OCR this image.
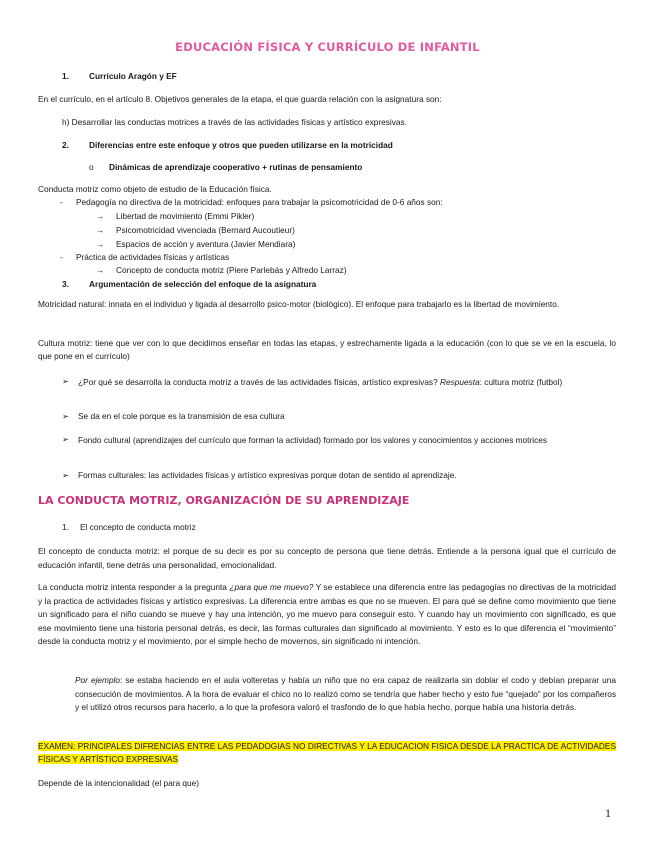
EDUCACIÓN FÍSICA Y CURRÍCULO DE INFANTIL
1. Currículo Aragón y EF
En el currículo, en el artículo 8. Objetivos generales de la etapa, el que guarda relación con la asignatura son:
h) Desarrollar las conductas motrices a través de las actividades físicas y artístico expresivas.
2. Diferencias entre este enfoque y otros que pueden utilizarse en la motricidad
o Dinámicas de aprendizaje cooperativo + rutinas de pensamiento
Conducta motriz como objeto de estudio de la Educación física.
- Pedagogía no directiva de la motricidad: enfoques para trabajar la psicomotricidad de 0-6 años son:
→ Libertad de movimiento (Emmi Pikler)
→ Psicomotricidad vivenciada (Bernard Aucoutieur)
→ Espacios de acción y aventura (Javier Mendiara)
- Práctica de actividades físicas y artísticas
→ Concepto de conducta motriz (Piere Parlebás y Alfredo Larraz)
3. Argumentación de selección del enfoque de la asignatura
Motricidad natural: innata en el individuo y ligada al desarrollo psico-motor (biológico). El enfoque para trabajarlo es la libertad de movimiento.
Cultura motriz: tiene que ver con lo que decidimos enseñar en todas las etapas, y estrechamente ligada a la educación (con lo que se ve en la escuela, lo que pone en el currículo)
➢ ¿Por qué se desarrolla la conducta motriz a través de las actividades físicas, artístico expresivas? Respuesta: cultura motriz (futbol)
➢ Se da en el cole porque es la transmisión de esa cultura
➢ Fondo cultural (aprendizajes del currículo que forman la actividad) formado por los valores y conocimientos y acciones motrices
➢ Formas culturales: las actividades físicas y artístico expresivas porque dotan de sentido al aprendizaje.
LA CONDUCTA MOTRIZ, ORGANIZACIÓN DE SU APRENDIZAJE
1. El concepto de conducta motriz
El concepto de conducta motriz: el porque de su decir es por su concepto de persona que tiene detrás. Entiende a la persona igual que el currículo de educación infantil, tiene detrás una personalidad, emocionalidad.
La conducta motriz intenta responder a la pregunta ¿para que me muevo? Y se establece una diferencia entre las pedagogías no directivas de la motricidad y la practica de actividades físicas y artístico expresivas. La diferencia entre ambas es que no se mueven. El para qué se define como movimiento que tiene un significado para el niño cuando se mueve y hay una intención, yo me muevo para conseguir esto. Y cuando hay un movimiento con significado, es que ese movimiento tiene una historia personal detrás, es decir, las formas culturales dan significado al movimiento. Y esto es lo que diferencia el “movimiento” desde la conducta motriz y el movimiento, por el simple hecho de movernos, sin significado ni intención.
Por ejemplo: se estaba haciendo en el aula volteretas y había un niño que no era capaz de realizarla sin doblar el codo y debían preparar una consecución de movimientos. A la hora de evaluar el chico no lo realizó como se tendría que haber hecho y esto fue “quejado” por los compañeros y el utilizó otros recursos para hacerlo, a lo que la profesora valoró el trasfondo de lo que había hecho, porque había una historia detrás.
EXAMEN: PRINCIPALES DIFRENCIAS ENTRE LAS PEDADOGIAS NO DIRECTIVAS Y LA EDUCACION FISICA DESDE LA PRACTICA DE ACTIVIDADES FÍSICAS Y ARTÍSTICO EXPRESIVAS
Depende de la intencionalidad (el para que)
1
